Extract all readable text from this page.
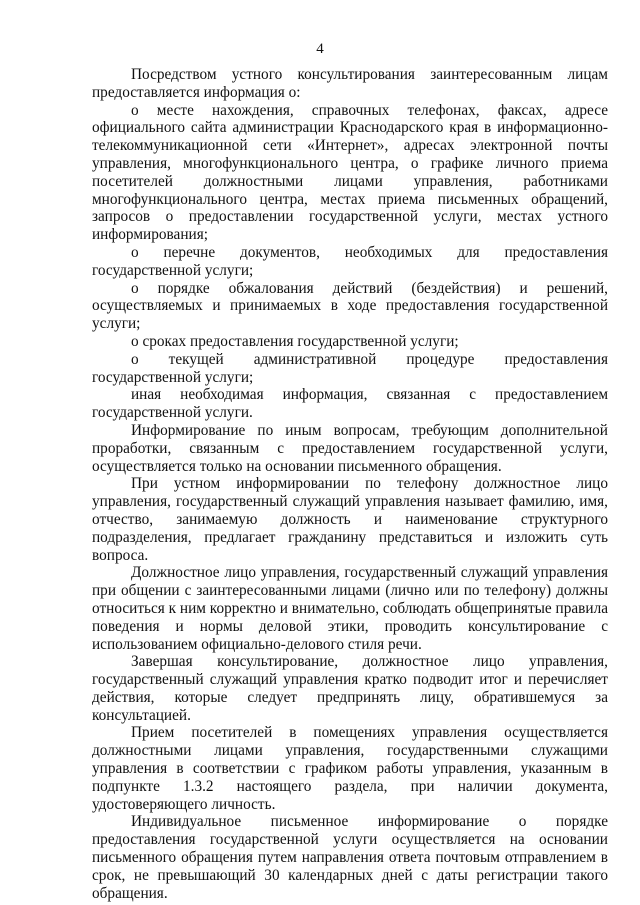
4

Посредством устного консультирования заинтересованным лицам предоставляется информация о:

о месте нахождения, справочных телефонах, факсах, адресе официального сайта администрации Краснодарского края в информационно-телекоммуникационной сети «Интернет», адресах электронной почты управления, многофункционального центра, о графике личного приема посетителей должностными лицами управления, работниками многофункционального центра, местах приема письменных обращений, запросов о предоставлении государственной услуги, местах устного информирования;

о перечне документов, необходимых для предоставления государственной услуги;

о порядке обжалования действий (бездействия) и решений, осуществляемых и принимаемых в ходе предоставления государственной услуги;

о сроках предоставления государственной услуги;

о текущей административной процедуре предоставления государственной услуги;

иная необходимая информация, связанная с предоставлением государственной услуги.

Информирование по иным вопросам, требующим дополнительной проработки, связанным с предоставлением государственной услуги, осуществляется только на основании письменного обращения.

При устном информировании по телефону должностное лицо управления, государственный служащий управления называет фамилию, имя, отчество, занимаемую должность и наименование структурного подразделения, предлагает гражданину представиться и изложить суть вопроса.

Должностное лицо управления, государственный служащий управления при общении с заинтересованными лицами (лично или по телефону) должны относиться к ним корректно и внимательно, соблюдать общепринятые правила поведения и нормы деловой этики, проводить консультирование с использованием официально-делового стиля речи.

Завершая консультирование, должностное лицо управления, государственный служащий управления кратко подводит итог и перечисляет действия, которые следует предпринять лицу, обратившемуся за консультацией.

Прием посетителей в помещениях управления осуществляется должностными лицами управления, государственными служащими управления в соответствии с графиком работы управления, указанным в подпункте 1.3.2 настоящего раздела, при наличии документа, удостоверяющего личность.

Индивидуальное письменное информирование о порядке предоставления государственной услуги осуществляется на основании письменного обращения путем направления ответа почтовым отправлением в срок, не превышающий 30 календарных дней с даты регистрации такого обращения.
